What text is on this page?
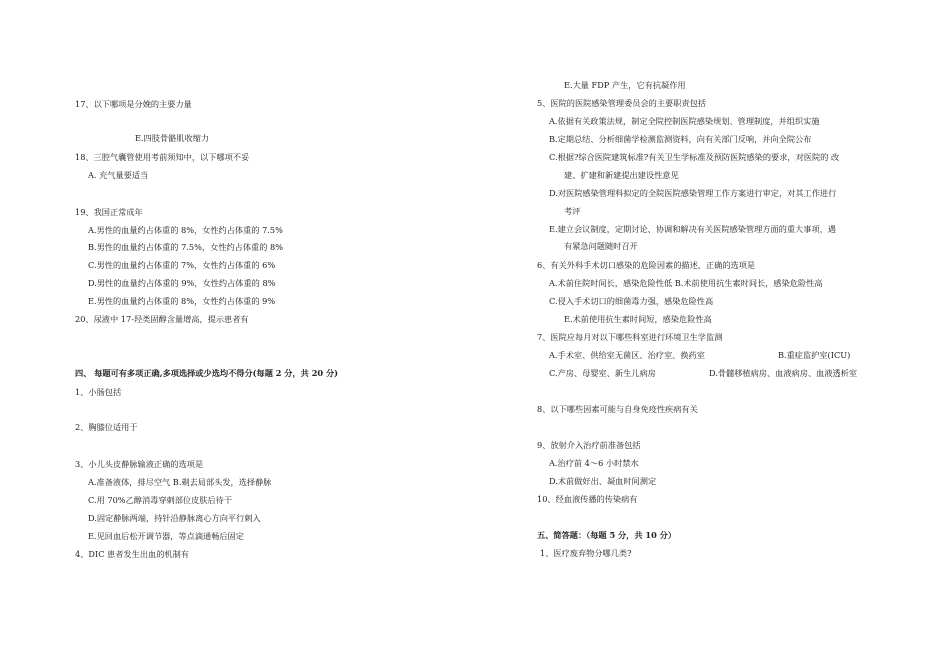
17、以下哪项是分娩的主要力量
E.四肢骨骼肌收缩力
18、三腔气囊管使用考前须知中，以下哪项不妥
A. 充气量要适当
19、我国正常成年
A.男性的血量约占体重的 8%，女性约占体重的 7.5%
B.男性的血量约占体重的 7.5%，女性约占体重的 8%
C.男性的血量约占体重的 7%，女性约占体重的 6%
D.男性的血量约占体重的 9%，女性约占体重的 8%
E.男性的血量约占体重的 8%，女性约占体重的 9%
20、尿液中 17-羟类固醇含量增高，提示患者有
四、 每题可有多项正确,多项选择或少选均不得分(每题 2 分，共 20 分)
1、小肠包括
2、胸膝位适用于
3、小儿头皮静脉输液正确的选项是
A.准备液体，排尽空气 B.剃去局部头发，选择静脉
C.用 70%乙醇消毒穿刺部位皮肤后待干
D.固定静脉两端，持针沿静脉离心方向平行刺入
E.见回血后松开调节器，等点滴通畅后固定
4、DIC 患者发生出血的机制有
E.大量 FDP 产生，它有抗凝作用
5、医院的医院感染管理委员会的主要职责包括
A.依据有关政策法规，制定全院控制医院感染规划、管理制度，并组织实施
B.定期总结、分析细菌学检测监测资料，向有关部门反响，并向全院公布
C.根据?综合医院建筑标准?有关卫生学标准及预防医院感染的要求，对医院的 改
建、扩建和新建提出建设性意见
D.对医院感染管理科拟定的全院医院感染管理工作方案进行审定，对其工作进行
考评
E.建立会议制度，定期讨论、协调和解决有关医院感染管理方面的重大事项，遇
有紧急问题随时召开
6、有关外科手术切口感染的危险因素的描述，正确的选项是
A.术前住院时间长，感染危险性低 B.术前使用抗生素时间长，感染危险性高
C.侵入手术切口的细菌毒力强，感染危险性高
E.术前使用抗生素时间短，感染危险性高
7、医院应每月对以下哪些科室进行环境卫生学监测
A.手术室、供给室无菌区、治疗室、换药室	B.重症监护室(ICU)
C.产房、母婴室、新生儿病房	D.骨髓移植病房、血液病房、血液透析室
8、以下哪些因素可能与自身免疫性疾病有关
9、放射介入治疗前准备包括
A.治疗前 4～6 小时禁水
D.术前做好出、凝血时间测定
10、经血液传播的传染病有
五、简答题：（每题 5 分，共 10 分）
1、医疗废弃物分哪几类?
